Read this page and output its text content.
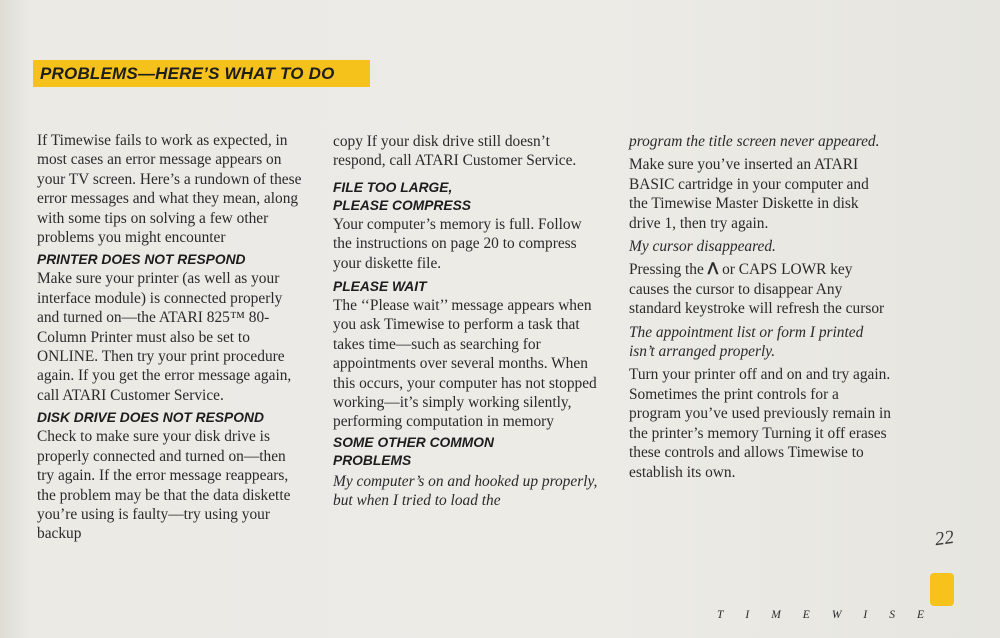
PROBLEMS—HERE’S WHAT TO DO

If Timewise fails to work as expected, in most cases an error message appears on your TV screen. Here’s a rundown of these error messages and what they mean, along with some tips on solving a few other problems you might encounter

PRINTER DOES NOT RESPOND

Make sure your printer (as well as your interface module) is connected properly and turned on—the ATARI 825™ 80-Column Printer must also be set to ONLINE. Then try your print procedure again. If you get the error message again, call ATARI Customer Service.

DISK DRIVE DOES NOT RESPOND

Check to make sure your disk drive is properly connected and turned on—then try again. If the error message reappears, the problem may be that the data diskette you’re using is faulty—try using your backup

copy If your disk drive still doesn’t respond, call ATARI Customer Service.

FILE TOO LARGE,
PLEASE COMPRESS

Your computer’s memory is full. Follow the instructions on page 20 to compress your diskette file.

PLEASE WAIT

The ‘‘Please wait’’ message appears when you ask Timewise to perform a task that takes time—such as searching for appointments over several months. When this occurs, your computer has not stopped working—it’s simply working silently, performing computation in memory

SOME OTHER COMMON
PROBLEMS

My computer’s on and hooked up properly, but when I tried to load the

program the title screen never appeared.

Make sure you’ve inserted an ATARI BASIC cartridge in your computer and the Timewise Master Diskette in disk drive 1, then try again.

My cursor disappeared.

Pressing the ⴷ or CAPS LOWR key causes the cursor to disappear Any standard keystroke will refresh the cursor

The appointment list or form I printed isn’t arranged properly.

Turn your printer off and on and try again. Sometimes the print controls for a program you’ve used previously remain in the printer’s memory Turning it off erases these controls and allows Timewise to establish its own.

22
TIMEWISE
